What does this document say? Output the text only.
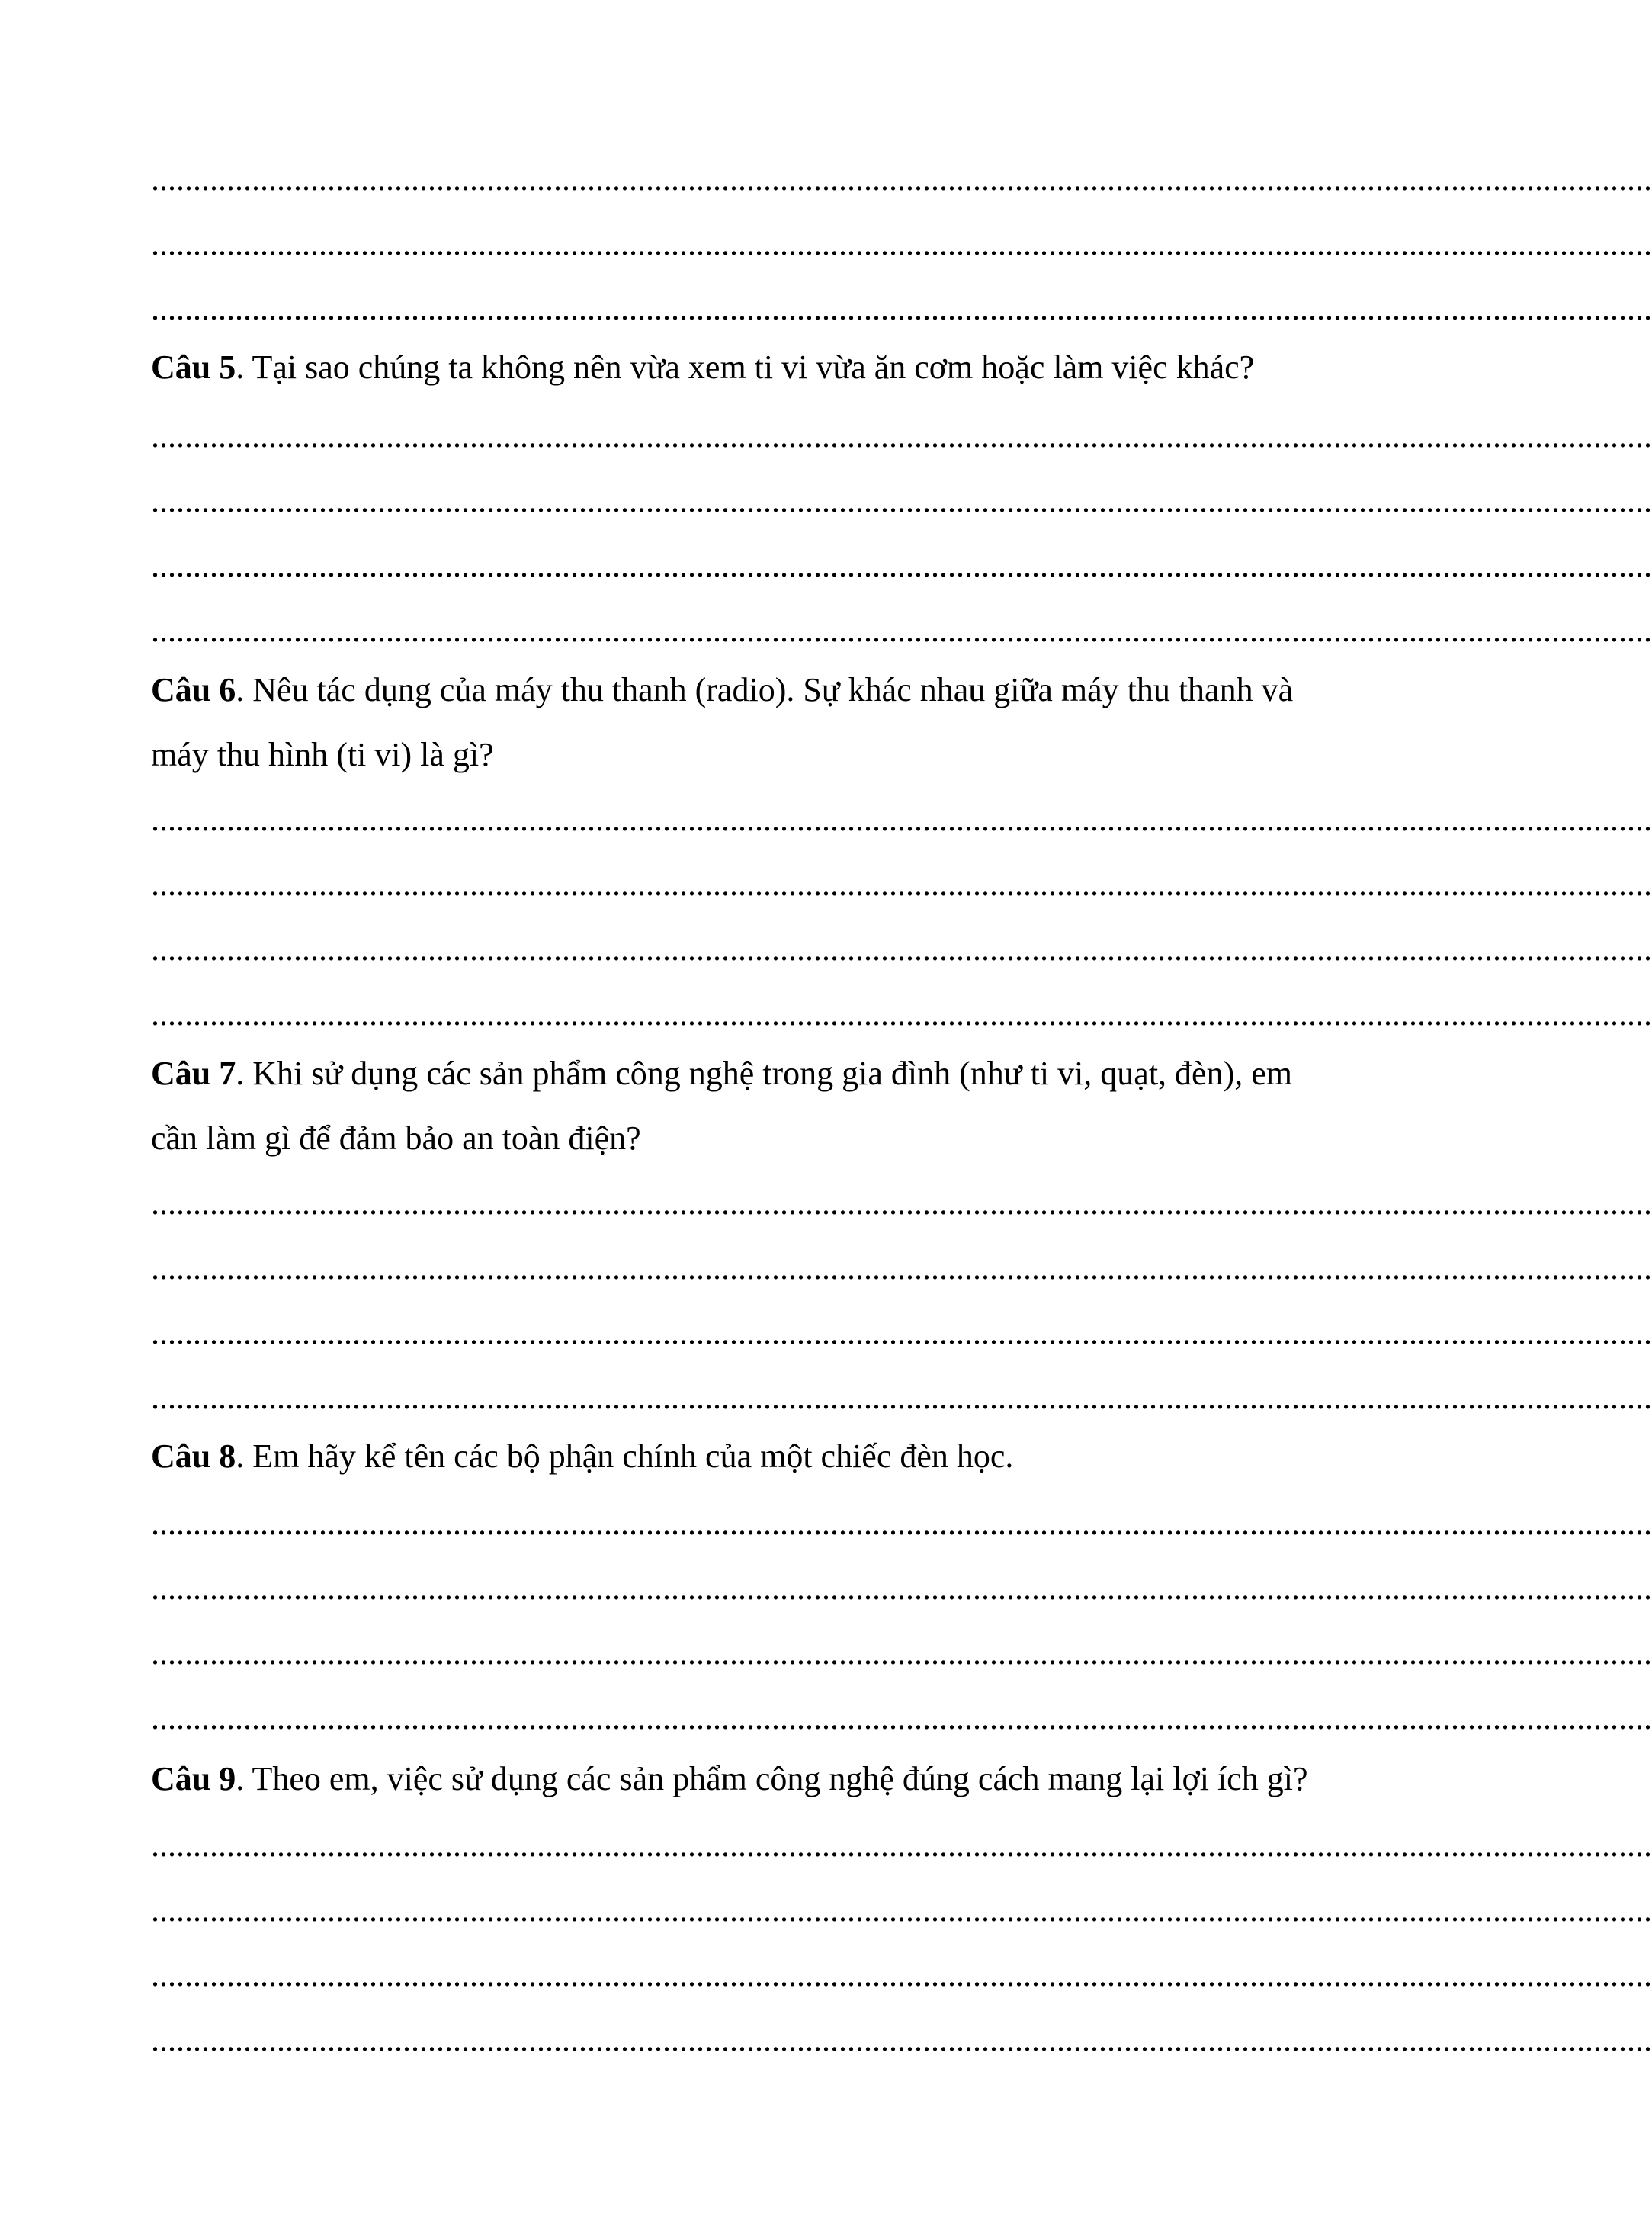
...................................................................................................................................................................................
...................................................................................................................................................................................
...................................................................................................................................................................................
Câu 5. Tại sao chúng ta không nên vừa xem ti vi vừa ăn cơm hoặc làm việc khác?
...................................................................................................................................................................................
...................................................................................................................................................................................
...................................................................................................................................................................................
...................................................................................................................................................................................
Câu 6. Nêu tác dụng của máy thu thanh (radio). Sự khác nhau giữa máy thu thanh và
máy thu hình (ti vi) là gì?
...................................................................................................................................................................................
...................................................................................................................................................................................
...................................................................................................................................................................................
...................................................................................................................................................................................
Câu 7. Khi sử dụng các sản phẩm công nghệ trong gia đình (như ti vi, quạt, đèn), em
cần làm gì để đảm bảo an toàn điện?
...................................................................................................................................................................................
...................................................................................................................................................................................
...................................................................................................................................................................................
...................................................................................................................................................................................
Câu 8. Em hãy kể tên các bộ phận chính của một chiếc đèn học.
...................................................................................................................................................................................
...................................................................................................................................................................................
...................................................................................................................................................................................
...................................................................................................................................................................................
Câu 9. Theo em, việc sử dụng các sản phẩm công nghệ đúng cách mang lại lợi ích gì?
...................................................................................................................................................................................
...................................................................................................................................................................................
...................................................................................................................................................................................
...................................................................................................................................................................................
